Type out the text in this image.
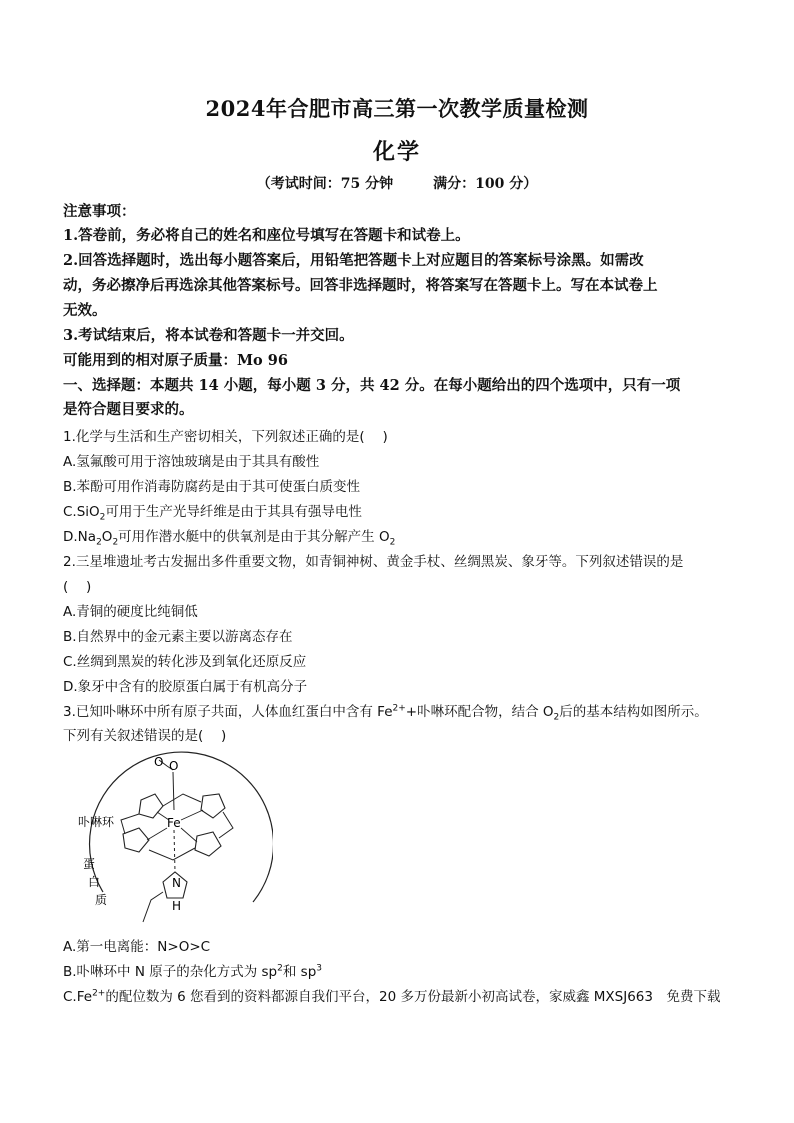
2024年合肥市高三第一次教学质量检测
化学
（考试时间：75 分钟	满分：100 分）
注意事项：
1.答卷前，务必将自己的姓名和座位号填写在答题卡和试卷上。
2.回答选择题时，选出每小题答案后，用铅笔把答题卡上对应题目的答案标号涂黑。如需改
动，务必擦净后再选涂其他答案标号。回答非选择题时，将答案写在答题卡上。写在本试卷上
无效。
3.考试结束后，将本试卷和答题卡一并交回。
可能用到的相对原子质量：Mo 96
一、选择题：本题共 14 小题，每小题 3 分，共 42 分。在每小题给出的四个选项中，只有一项
是符合题目要求的。
1.化学与生活和生产密切相关，下列叙述正确的是(　 )
A.氢氟酸可用于溶蚀玻璃是由于其具有酸性
B.苯酚可用作消毒防腐药是由于其可使蛋白质变性
C.SiO$_2$可用于生产光导纤维是由于其具有强导电性
$D.Na_2O_2$可用作潜水艇中的供氧剂是由于其分解产生 $O_2$
2.三星堆遗址考古发掘出多件重要文物，如青铜神树、黄金手杖、丝绸黑炭、象牙等。下列叙述错误的是
(　 )
A.青铜的硬度比纯铜低
B.自然界中的金元素主要以游离态存在
C.丝绸到黑炭的转化涉及到氧化还原反应
D.象牙中含有的胶原蛋白属于有机高分子
3.已知卟啉环中所有原子共面，人体血红蛋白中含有 $Fe^{2+}+$卟啉环配合物，结合 $O_2$后的基本结构如图所示。
下列有关叙述错误的是(　 )
O O
Fe
N
H
卟啉环
蛋
白
质
A.第一电离能：N>O>C
B.卟啉环中 N 原子的杂化方式为 $sp^2$和 $sp^3$
$C.Fe^{2+}$的配位数为 6 您看到的资料都源自我们平台，20 多万份最新小初高试卷，家威鑫 MXSJ663　免费下载
